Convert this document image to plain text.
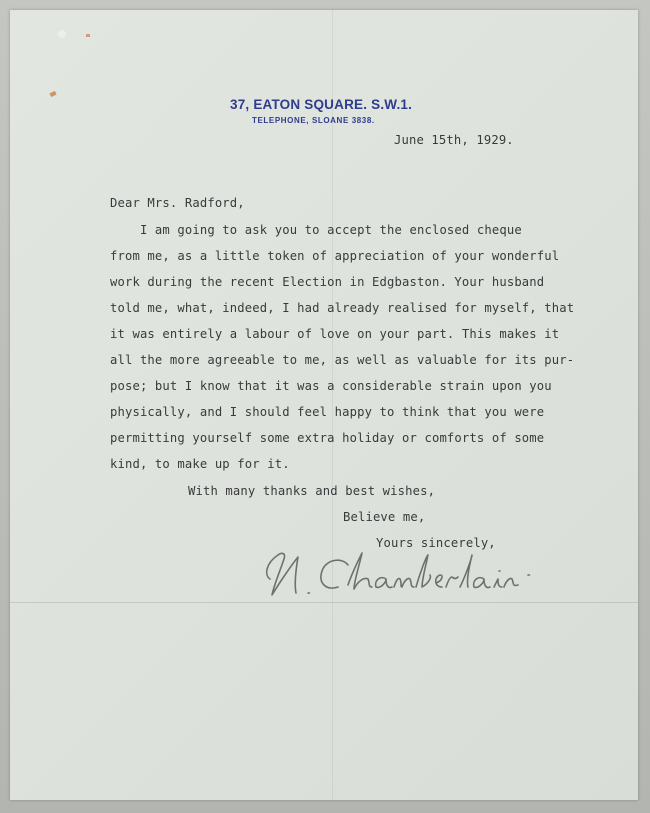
37, EATON SQUARE. S.W.1.
TELEPHONE, SLOANE 3838.
June 15th, 1929.
Dear Mrs. Radford,
I am going to ask you to accept the enclosed cheque
from me, as a little token of appreciation of your wonderful
work during the recent Election in Edgbaston. Your husband
told me, what, indeed, I had already realised for myself, that
it was entirely a labour of love on your part. This makes it
all the more agreeable to me, as well as valuable for its pur-
pose; but I know that it was a considerable strain upon you
physically, and I should feel happy to think that you were
permitting yourself some extra holiday or comforts of some
kind, to make up for it.
With many thanks and best wishes,
Believe me,
Yours sincerely,
